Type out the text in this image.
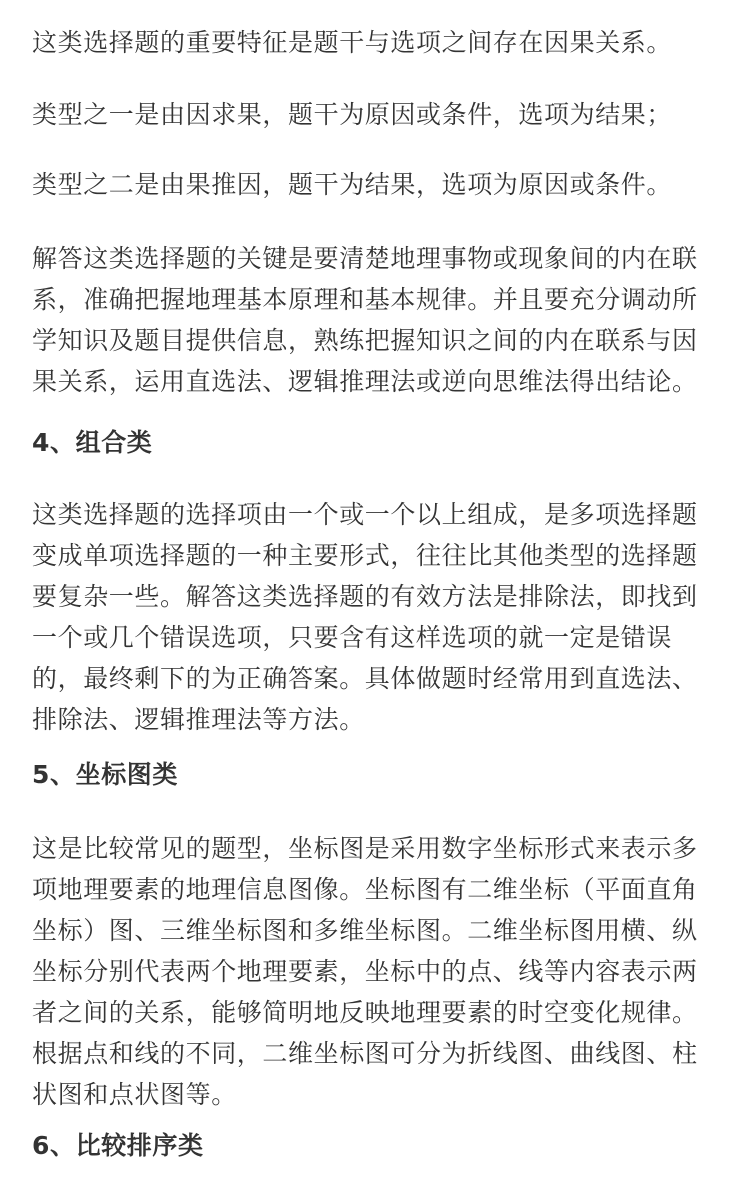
这类选择题的重要特征是题干与选项之间存在因果关系。

类型之一是由因求果，题干为原因或条件，选项为结果；

类型之二是由果推因，题干为结果，选项为原因或条件。

解答这类选择题的关键是要清楚地理事物或现象间的内在联
系，准确把握地理基本原理和基本规律。并且要充分调动所
学知识及题目提供信息，熟练把握知识之间的内在联系与因
果关系，运用直选法、逻辑推理法或逆向思维法得出结论。

4、组合类

这类选择题的选择项由一个或一个以上组成，是多项选择题
变成单项选择题的一种主要形式，往往比其他类型的选择题
要复杂一些。解答这类选择题的有效方法是排除法，即找到
一个或几个错误选项，只要含有这样选项的就一定是错误
的，最终剩下的为正确答案。具体做题时经常用到直选法、
排除法、逻辑推理法等方法。

5、坐标图类

这是比较常见的题型，坐标图是采用数字坐标形式来表示多
项地理要素的地理信息图像。坐标图有二维坐标（平面直角
坐标）图、三维坐标图和多维坐标图。二维坐标图用横、纵
坐标分别代表两个地理要素，坐标中的点、线等内容表示两
者之间的关系，能够简明地反映地理要素的时空变化规律。
根据点和线的不同，二维坐标图可分为折线图、曲线图、柱
状图和点状图等。

6、比较排序类
